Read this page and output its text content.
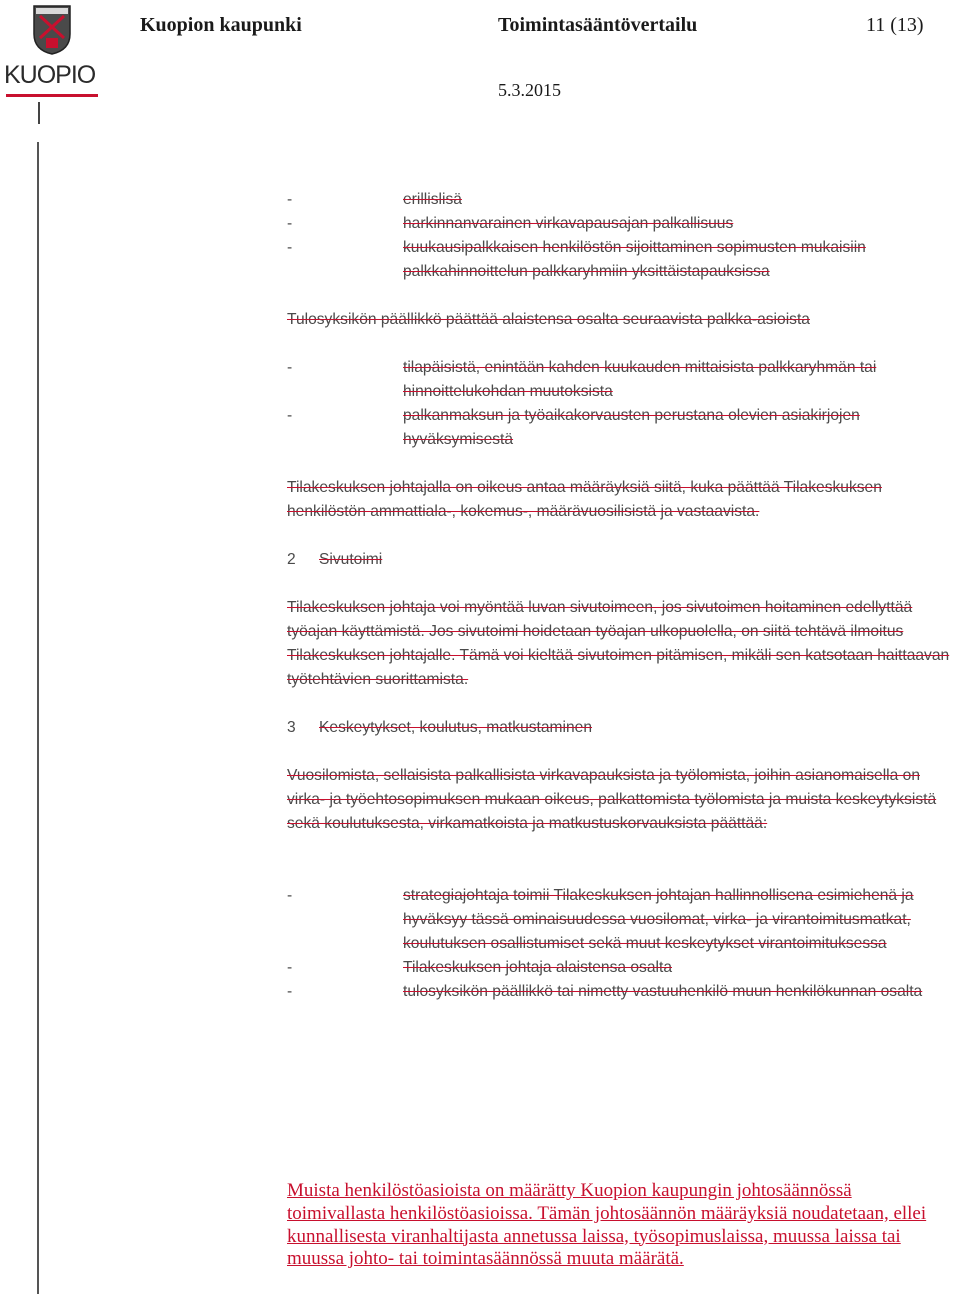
KUOPIO
Kuopion kaupunki	Toimintasääntövertailu	11 (13)
5.3.2015
-	erillislisä
-	harkinnanvarainen virkavapausajan palkallisuus
-	kuukausipalkkaisen henkilöstön sijoittaminen sopimusten mukaisiin palkkahinnoittelun palkkaryhmiin yksittäistapauksissa
Tulosyksikön päällikkö päättää alaistensa osalta seuraavista palkka-asioista
-	tilapäisistä, enintään kahden kuukauden mittaisista palkkaryhmän tai hinnoittelukohdan muutoksista
-	palkanmaksun ja työaikakorvausten perustana olevien asiakirjojen hyväksymisestä
Tilakeskuksen johtajalla on oikeus antaa määräyksiä siitä, kuka päättää Tilakeskuksen henkilöstön ammattiala-, kokemus-, määrävuosilisistä ja vastaavista.
2 Sivutoimi
Tilakeskuksen johtaja voi myöntää luvan sivutoimeen, jos sivutoimen hoitaminen edellyttää työajan käyttämistä. Jos sivutoimi hoidetaan työajan ulkopuolella, on siitä tehtävä ilmoitus Tilakeskuksen johtajalle. Tämä voi kieltää sivutoimen pitämisen, mikäli sen katsotaan haittaavan työtehtävien suorittamista.
3 Keskeytykset, koulutus, matkustaminen
Vuosilomista, sellaisista palkallisista virkavapauksista ja työlomista, joihin asianomaisella on virka- ja työehtosopimuksen mukaan oikeus, palkattomista työlomista ja muista keskeytyksistä sekä koulutuksesta, virkamatkoista ja matkustuskorvauksista päättää:
-	strategiajohtaja toimii Tilakeskuksen johtajan hallinnollisena esimiehenä ja hyväksyy tässä ominaisuudessa vuosilomat, virka- ja virantoimitusmatkat, koulutuksen osallistumiset sekä muut keskeytykset virantoimituksessa
-	Tilakeskuksen johtaja alaistensa osalta
-	tulosyksikön päällikkö tai nimetty vastuuhenkilö muun henkilökunnan osalta
Muista henkilöstöasioista on määrätty Kuopion kaupungin johtosäännössä toimivallasta henkilöstöasioissa. Tämän johtosäännön määräyksiä noudatetaan, ellei kunnallisesta viranhaltijasta annetussa laissa, työsopimuslaissa, muussa laissa tai muussa johto- tai toimintasäännössä muuta määrätä.
